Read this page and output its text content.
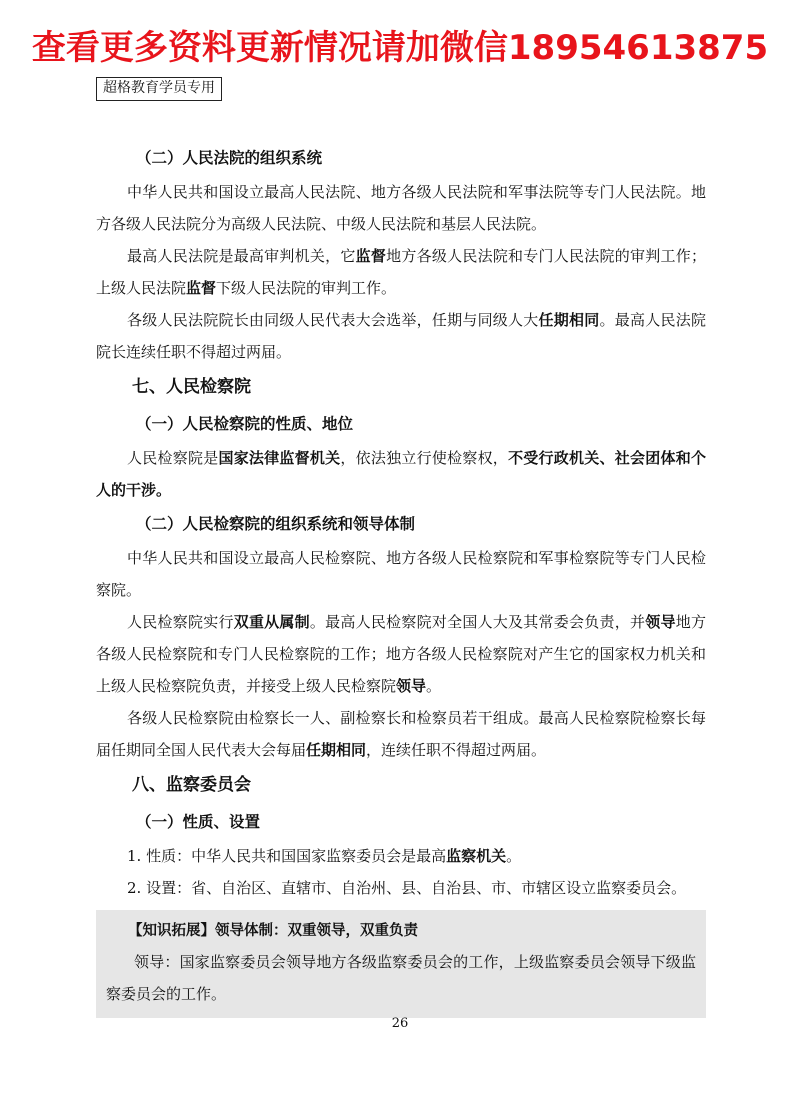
查看更多资料更新情况请加微信18954613875
超格教育学员专用

（二）人民法院的组织系统

中华人民共和国设立最高人民法院、地方各级人民法院和军事法院等专门人民法院。地方各级人民法院分为高级人民法院、中级人民法院和基层人民法院。

最高人民法院是最高审判机关，它监督地方各级人民法院和专门人民法院的审判工作；上级人民法院监督下级人民法院的审判工作。

各级人民法院院长由同级人民代表大会选举，任期与同级人大任期相同。最高人民法院院长连续任职不得超过两届。

七、人民检察院

（一）人民检察院的性质、地位

人民检察院是国家法律监督机关，依法独立行使检察权，不受行政机关、社会团体和个人的干涉。

（二）人民检察院的组织系统和领导体制

中华人民共和国设立最高人民检察院、地方各级人民检察院和军事检察院等专门人民检察院。

人民检察院实行双重从属制。最高人民检察院对全国人大及其常委会负责，并领导地方各级人民检察院和专门人民检察院的工作；地方各级人民检察院对产生它的国家权力机关和上级人民检察院负责，并接受上级人民检察院领导。

各级人民检察院由检察长一人、副检察长和检察员若干组成。最高人民检察院检察长每届任期同全国人民代表大会每届任期相同，连续任职不得超过两届。

八、监察委员会

（一）性质、设置

1. 性质：中华人民共和国国家监察委员会是最高监察机关。

2. 设置：省、自治区、直辖市、自治州、县、自治县、市、市辖区设立监察委员会。

【知识拓展】领导体制：双重领导，双重负责
领导：国家监察委员会领导地方各级监察委员会的工作，上级监察委员会领导下级监察委员会的工作。
26
